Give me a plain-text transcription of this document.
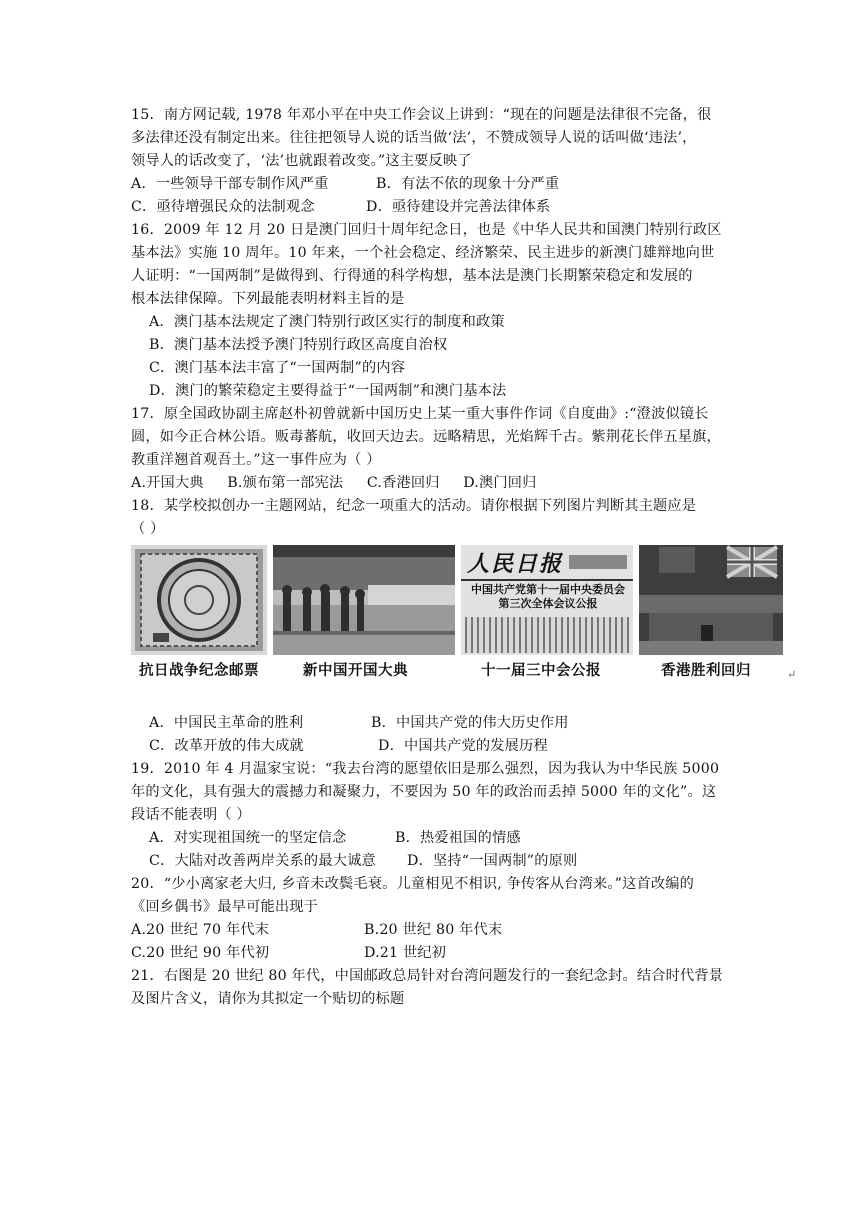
15．南方网记载, 1978 年邓小平在中央工作会议上讲到：“现在的问题是法律很不完备，很
多法律还没有制定出来。往往把领导人说的话当做‘法’，不赞成领导人说的话叫做‘违法’，
领导人的话改变了，‘法’也就跟着改变。”这主要反映了
A．一些领导干部专制作风严重	B．有法不依的现象十分严重
C．亟待增强民众的法制观念	D．亟待建设并完善法律体系
16．2009 年 12 月 20 日是澳门回归十周年纪念日，也是《中华人民共和国澳门特别行政区
基本法》实施 10 周年。10 年来，一个社会稳定、经济繁荣、民主进步的新澳门雄辩地向世
人证明：“一国两制”是做得到、行得通的科学构想，基本法是澳门长期繁荣稳定和发展的
根本法律保障。下列最能表明材料主旨的是
A．澳门基本法规定了澳门特别行政区实行的制度和政策
B．澳门基本法授予澳门特别行政区高度自治权
C．澳门基本法丰富了“一国两制”的内容
D．澳门的繁荣稳定主要得益于“一国两制”和澳门基本法
17．原全国政协副主席赵朴初曾就新中国历史上某一重大事件作词《自度曲》:“澄波似镜长
圆，如今正合林公语。贩毒蕃航，收回天边去。远略精思，光焰辉千古。紫荆花长伴五星旗，
教重洋翘首观吾土。”这一事件应为（ ）
A.开国大典     B.颁布第一部宪法     C.香港回归     D.澳门回归
18．某学校拟创办一主题网站，纪念一项重大的活动。请你根据下列图片判断其主题应是
（ ）
人民日报
中国共产党第十一届中央委员会
第三次全体会议公报
抗日战争纪念邮票	新中国开国大典	十一届三中会公报	香港胜利回归	↵
A．中国民主革命的胜利	B．中国共产党的伟大历史作用
C．改革开放的伟大成就	D．中国共产党的发展历程
19．2010 年 4 月温家宝说：“我去台湾的愿望依旧是那么强烈，因为我认为中华民族 5000
年的文化，具有强大的震撼力和凝聚力，不要因为 50 年的政治而丢掉 5000 年的文化”。这
段话不能表明（ ）
A．对实现祖国统一的坚定信念	B．热爱祖国的情感
C．大陆对改善两岸关系的最大诚意 D．坚持“一国两制”的原则
20．“少小离家老大归, 乡音未改鬓毛衰。儿童相见不相识, 争传客从台湾来。”这首改编的
《回乡偶书》最早可能出现于
A.20 世纪 70 年代末	B.20 世纪 80 年代末
C.20 世纪 90 年代初	D.21 世纪初
21．右图是 20 世纪 80 年代，中国邮政总局针对台湾问题发行的一套纪念封。结合时代背景
及图片含义，请你为其拟定一个贴切的标题
